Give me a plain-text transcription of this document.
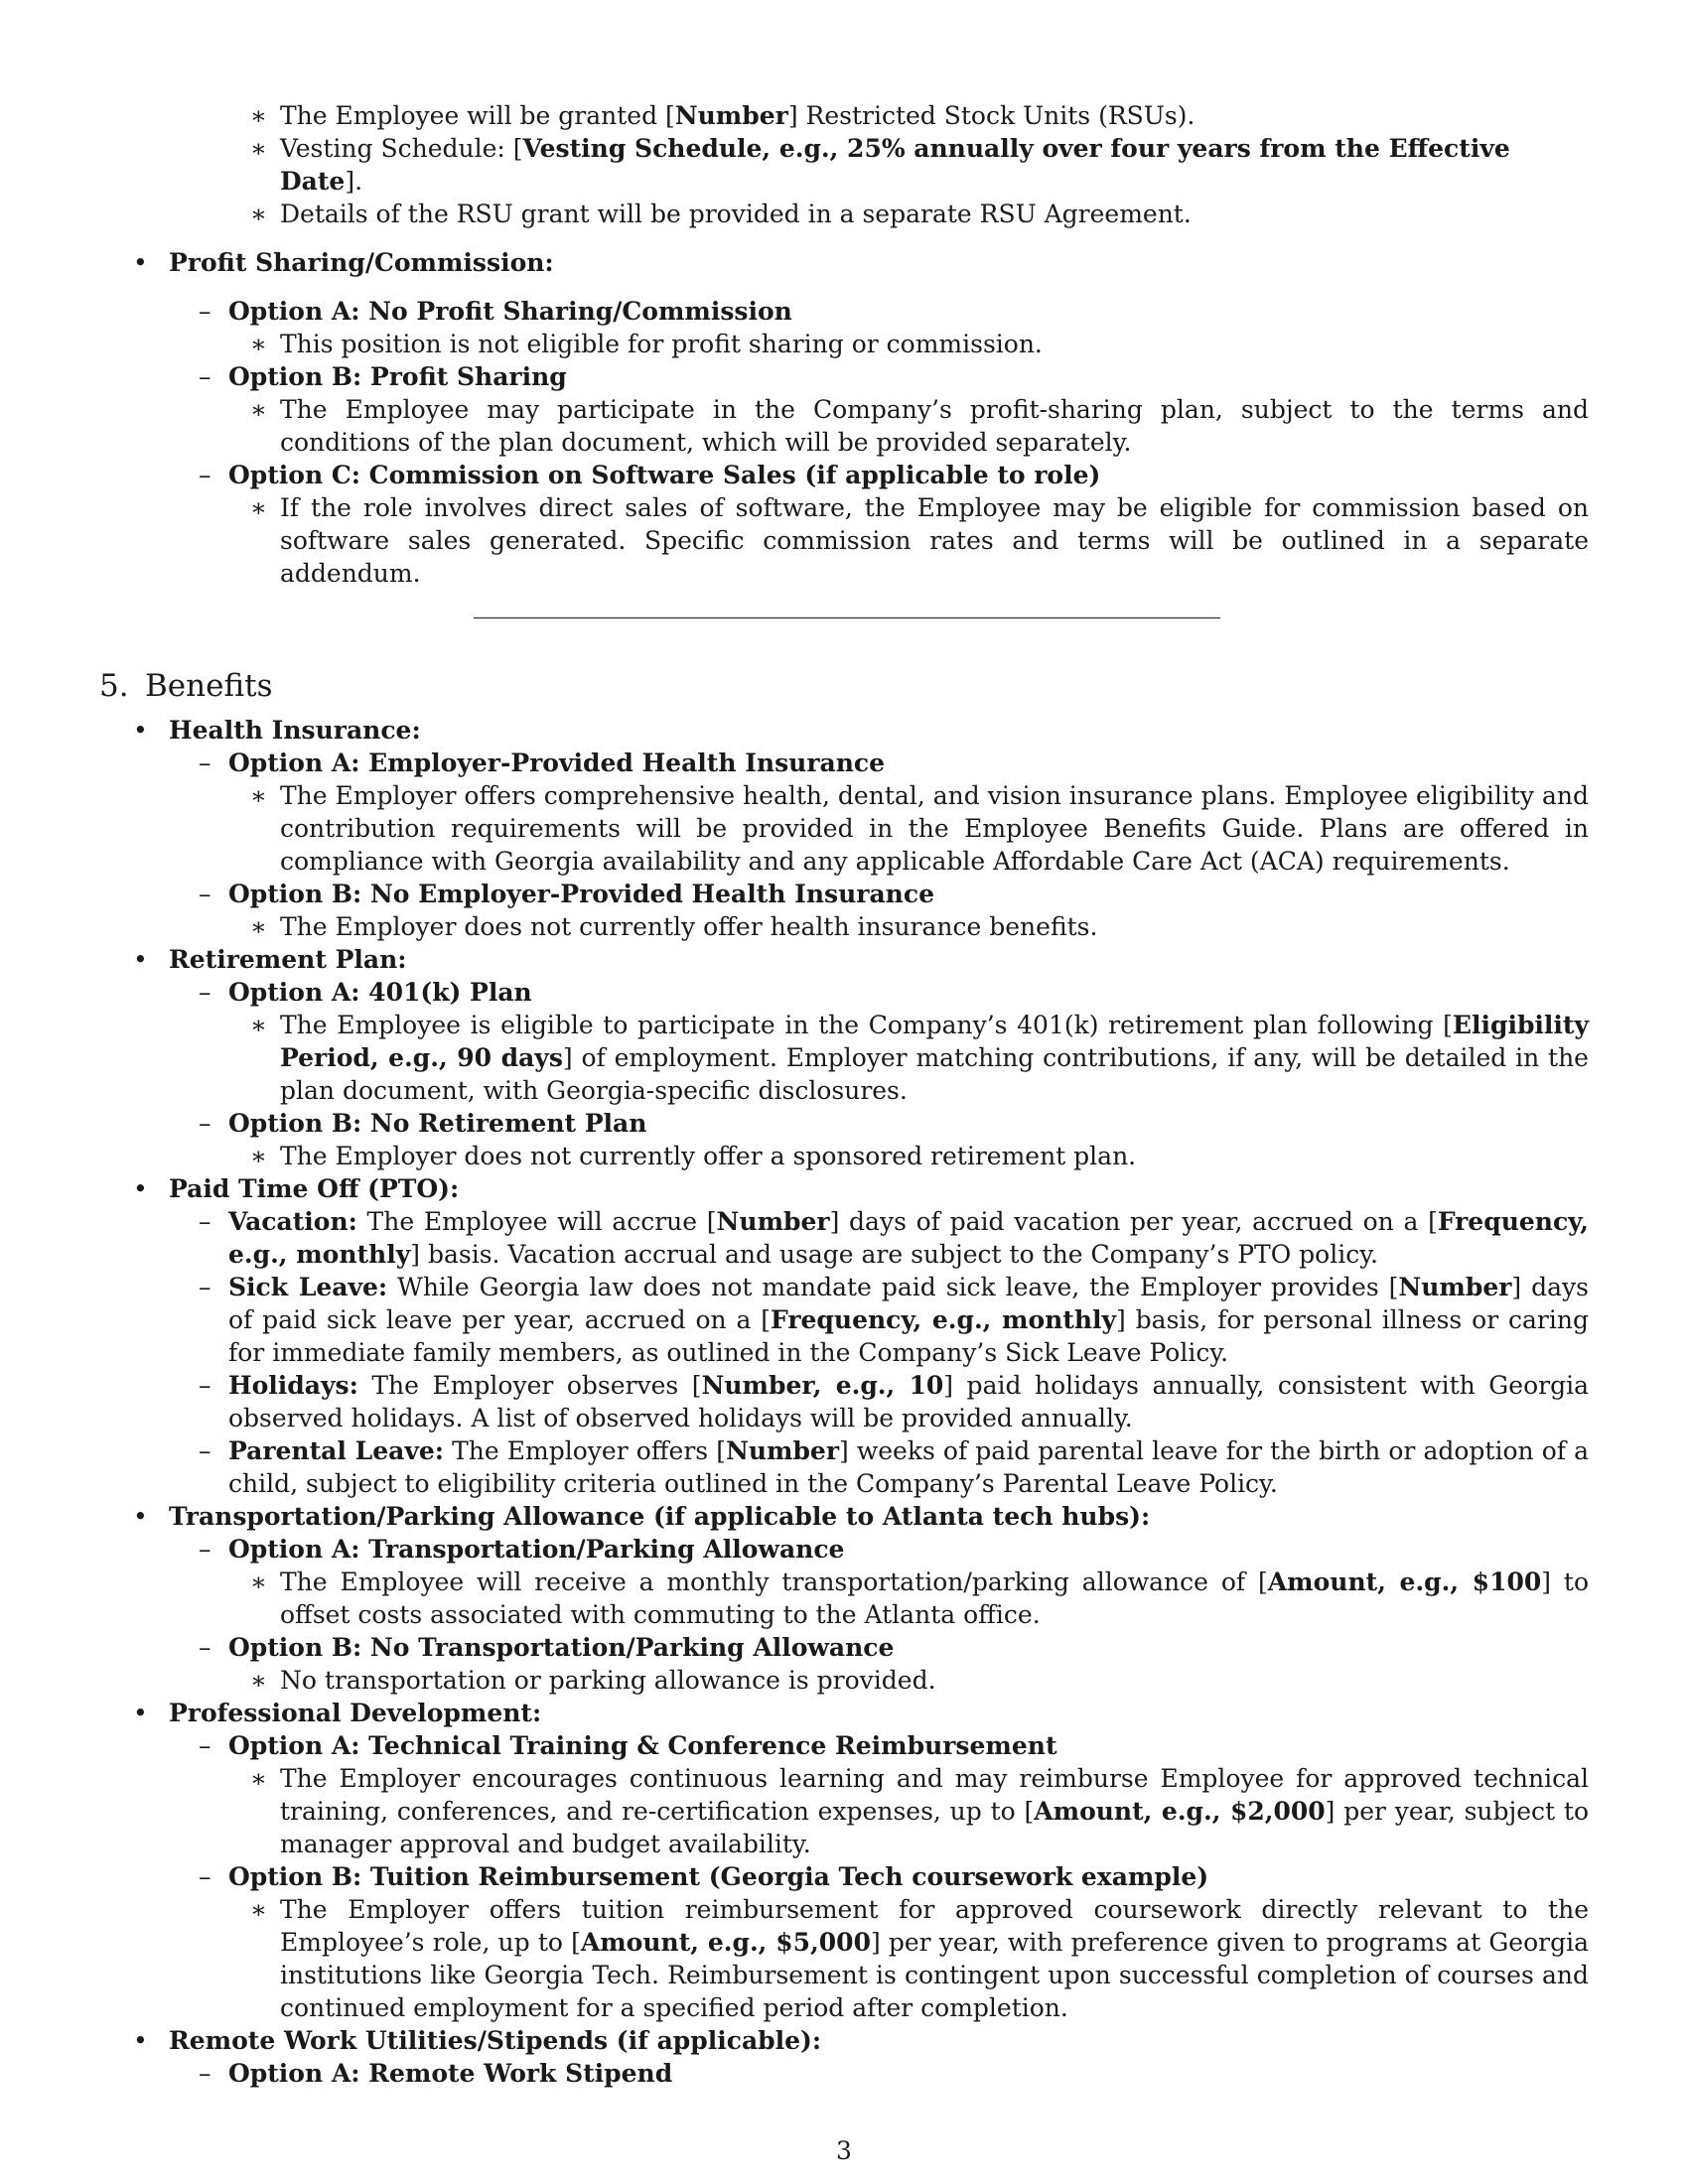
∗ The Employee will be granted [Number] Restricted Stock Units (RSUs).
∗ Vesting Schedule: [Vesting Schedule, e.g., 25% annually over four years from the Effective Date].
∗ Details of the RSU grant will be provided in a separate RSU Agreement.
• Profit Sharing/Commission:
– Option A: No Profit Sharing/Commission
∗ This position is not eligible for profit sharing or commission.
– Option B: Profit Sharing
∗ The Employee may participate in the Company’s profit-sharing plan, subject to the terms and conditions of the plan document, which will be provided separately.
– Option C: Commission on Software Sales (if applicable to role)
∗ If the role involves direct sales of software, the Employee may be eligible for commission based on software sales generated. Specific commission rates and terms will be outlined in a separate addendum.
5. Benefits
• Health Insurance:
– Option A: Employer-Provided Health Insurance
∗ The Employer offers comprehensive health, dental, and vision insurance plans. Employee eligibility and contribution requirements will be provided in the Employee Benefits Guide. Plans are offered in compliance with Georgia availability and any applicable Affordable Care Act (ACA) requirements.
– Option B: No Employer-Provided Health Insurance
∗ The Employer does not currently offer health insurance benefits.
• Retirement Plan:
– Option A: 401(k) Plan
∗ The Employee is eligible to participate in the Company’s 401(k) retirement plan following [Eligibility Period, e.g., 90 days] of employment. Employer matching contributions, if any, will be detailed in the plan document, with Georgia-specific disclosures.
– Option B: No Retirement Plan
∗ The Employer does not currently offer a sponsored retirement plan.
• Paid Time Off (PTO):
– Vacation: The Employee will accrue [Number] days of paid vacation per year, accrued on a [Frequency, e.g., monthly] basis. Vacation accrual and usage are subject to the Company’s PTO policy.
– Sick Leave: While Georgia law does not mandate paid sick leave, the Employer provides [Number] days of paid sick leave per year, accrued on a [Frequency, e.g., monthly] basis, for personal illness or caring for immediate family members, as outlined in the Company’s Sick Leave Policy.
– Holidays: The Employer observes [Number, e.g., 10] paid holidays annually, consistent with Georgia observed holidays. A list of observed holidays will be provided annually.
– Parental Leave: The Employer offers [Number] weeks of paid parental leave for the birth or adoption of a child, subject to eligibility criteria outlined in the Company’s Parental Leave Policy.
• Transportation/Parking Allowance (if applicable to Atlanta tech hubs):
– Option A: Transportation/Parking Allowance
∗ The Employee will receive a monthly transportation/parking allowance of [Amount, e.g., $100] to offset costs associated with commuting to the Atlanta office.
– Option B: No Transportation/Parking Allowance
∗ No transportation or parking allowance is provided.
• Professional Development:
– Option A: Technical Training & Conference Reimbursement
∗ The Employer encourages continuous learning and may reimburse Employee for approved technical training, conferences, and re-certification expenses, up to [Amount, e.g., $2,000] per year, subject to manager approval and budget availability.
– Option B: Tuition Reimbursement (Georgia Tech coursework example)
∗ The Employer offers tuition reimbursement for approved coursework directly relevant to the Employee’s role, up to [Amount, e.g., $5,000] per year, with preference given to programs at Georgia institutions like Georgia Tech. Reimbursement is contingent upon successful completion of courses and continued employment for a specified period after completion.
• Remote Work Utilities/Stipends (if applicable):
– Option A: Remote Work Stipend
3
